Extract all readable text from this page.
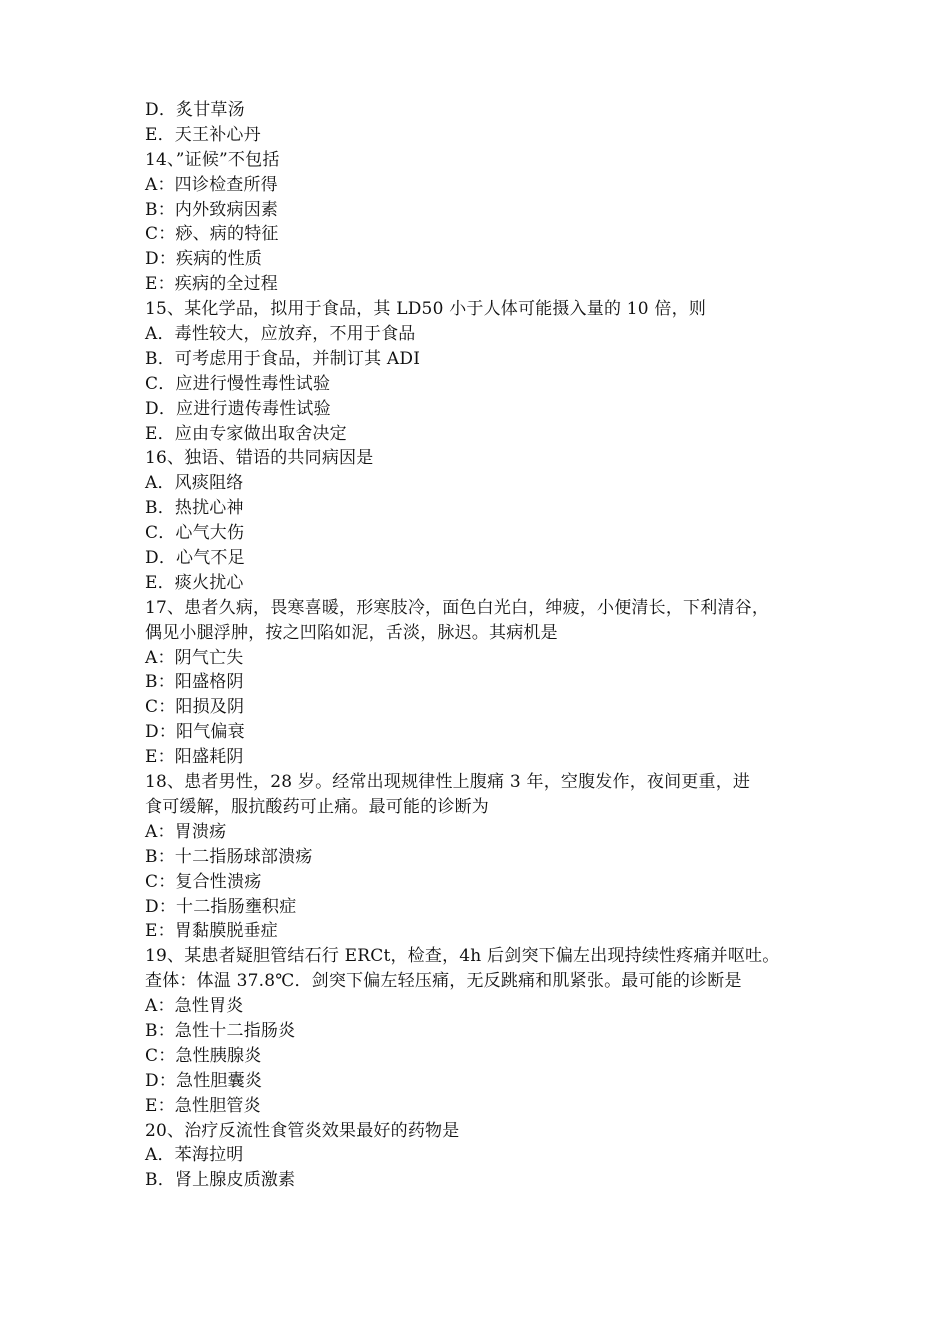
D．炙甘草汤
E．天王补心丹
14、”证候”不包括
A：四诊检查所得
B：内外致病因素
C：痧、病的特征
D：疾病的性质
E：疾病的全过程
15、某化学品，拟用于食品，其 LD50 小于人体可能摄入量的 10 倍，则
A．毒性较大，应放弃，不用于食品
B．可考虑用于食品，并制订其 ADI
C．应进行慢性毒性试验
D．应进行遗传毒性试验
E．应由专家做出取舍决定
16、独语、错语的共同病因是
A．风痰阻络
B．热扰心神
C．心气大伤
D．心气不足
E．痰火扰心
17、患者久病，畏寒喜暖，形寒肢冷，面色白光白，绅疲，小便清长，下利清谷，
偶见小腿浮肿，按之凹陷如泥，舌淡，脉迟。其病机是
A：阴气亡失
B：阳盛格阴
C：阳损及阴
D：阳气偏衰
E：阳盛耗阴
18、患者男性，28 岁。经常出现规律性上腹痛 3 年，空腹发作，夜间更重，进
食可缓解，服抗酸药可止痛。最可能的诊断为
A：胃溃疡
B：十二指肠球部溃疡
C：复合性溃疡
D：十二指肠壅积症
E：胃黏膜脱垂症
19、某患者疑胆管结石行 ERCt，检查，4h 后剑突下偏左出现持续性疼痛并呕吐。
查体：体温 37.8℃．剑突下偏左轻压痛，无反跳痛和肌紧张。最可能的诊断是
A：急性胃炎
B：急性十二指肠炎
C：急性胰腺炎
D：急性胆囊炎
E：急性胆管炎
20、治疗反流性食管炎效果最好的药物是
A．苯海拉明
B．肾上腺皮质激素
